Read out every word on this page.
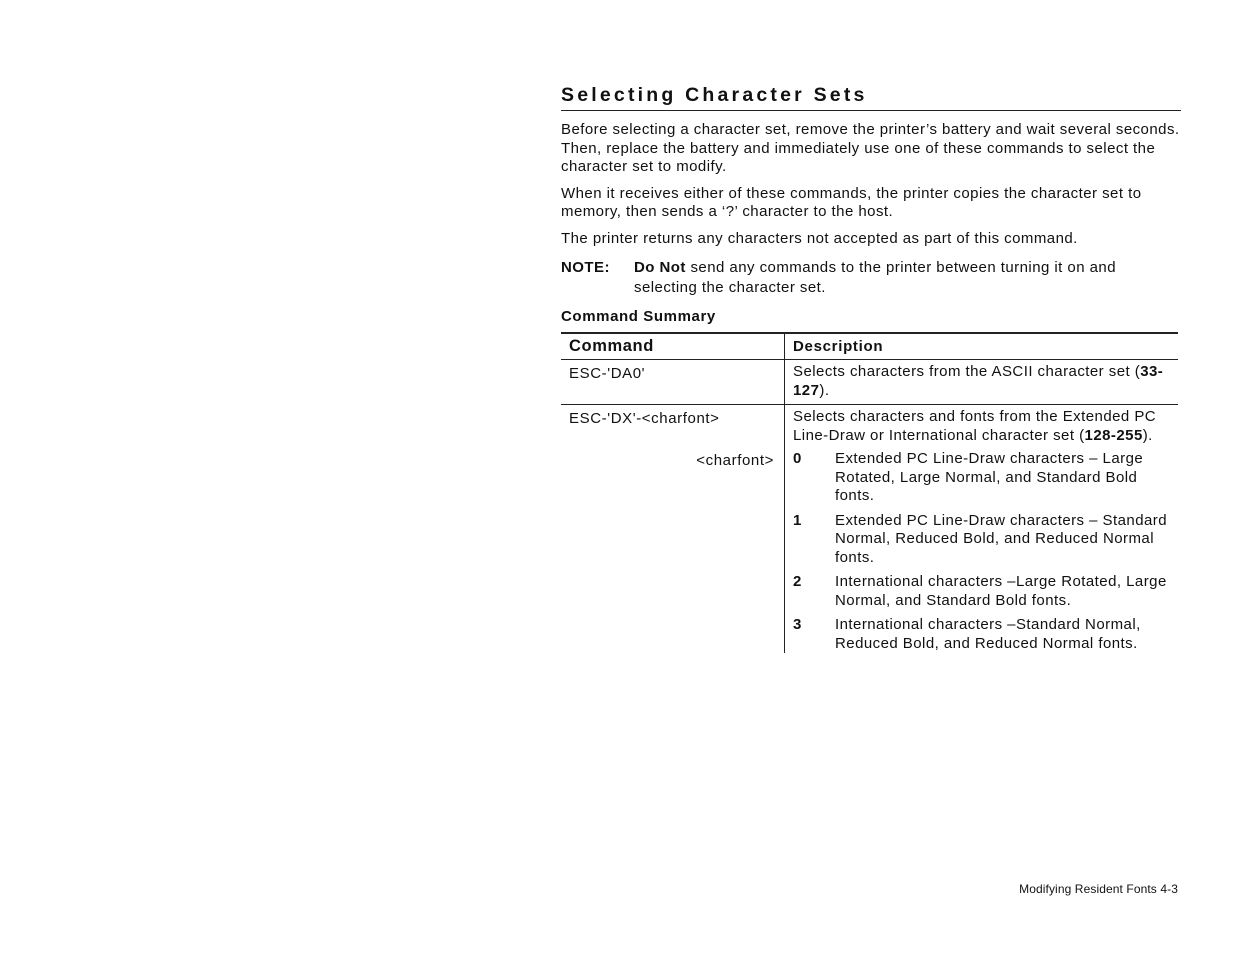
Selecting Character Sets

Before selecting a character set, remove the printer’s battery and wait several seconds. Then, replace the battery and immediately use one of these commands to select the character set to modify.

When it receives either of these commands, the printer copies the character set to memory, then sends a ‘?’ character to the host.

The printer returns any characters not accepted as part of this command.

NOTE:	Do Not send any commands to the printer between turning it on and selecting the character set.
Command Summary
Command	Description
ESC-'DA0'	Selects characters from the ASCII character set (33-127).
ESC-'DX'-<charfont>	Selects characters and fonts from the Extended PC Line-Draw or International character set (128-255).
<charfont>	0	Extended PC Line-Draw characters – Large Rotated, Large Normal, and Standard Bold fonts.
1	Extended PC Line-Draw characters – Standard Normal, Reduced Bold, and Reduced Normal fonts.
2	International characters –Large Rotated, Large Normal, and Standard Bold fonts.
3	International characters –Standard Normal, Reduced Bold, and Reduced Normal fonts.
Modifying Resident Fonts 4-3
